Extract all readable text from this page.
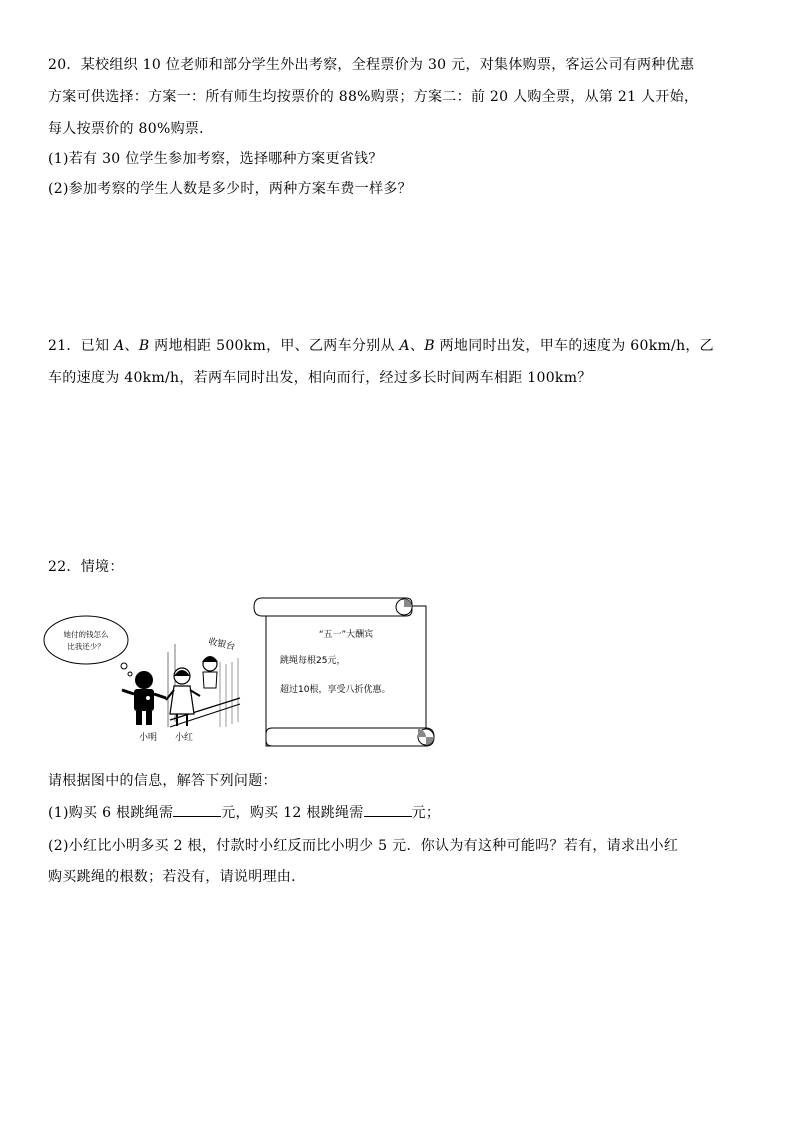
20．某校组织 10 位老师和部分学生外出考察，全程票价为 30 元，对集体购票，客运公司有两种优惠
方案可供选择：方案一：所有师生均按票价的 88%购票；方案二：前 20 人购全票，从第 21 人开始，
每人按票价的 80%购票．
(1)若有 30 位学生参加考察，选择哪种方案更省钱？
(2)参加考察的学生人数是多少时，两种方案车费一样多？
21．已知 A、B 两地相距 500km，甲、乙两车分别从 A、B 两地同时出发，甲车的速度为 60km/h，乙
车的速度为 40km/h，若两车同时出发，相向而行，经过多长时间两车相距 100km？
22．情境：
她付的钱怎么
比我还少？	收银台
小明 小红
“五一”大酬宾
跳绳每根25元，
超过10根，享受八折优惠。
请根据图中的信息，解答下列问题：
(1)购买 6 根跳绳需	元，购买 12 根跳绳需	元；
(2)小红比小明多买 2 根，付款时小红反而比小明少 5 元．你认为有这种可能吗？若有，请求出小红
购买跳绳的根数；若没有，请说明理由．
